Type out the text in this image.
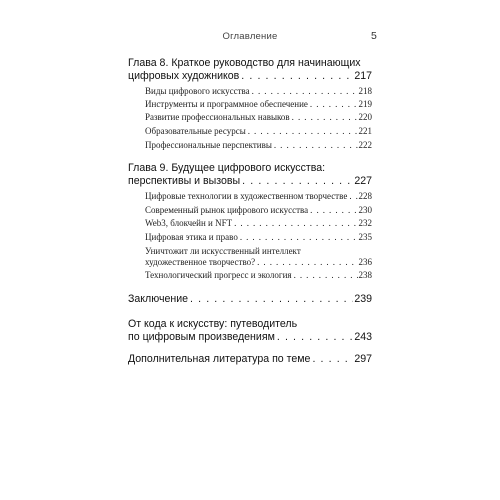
Оглавление	5
Глава 8. Краткое руководство для начинающих
цифровых художников . . .	217
Виды цифрового искусства . . .	218
Инструменты и программное обеспечение . . .	219
Развитие профессиональных навыков . . .	220
Образовательные ресурсы . . .	221
Профессиональные перспективы . . .	222
Глава 9. Будущее цифрового искусства:
перспективы и вызовы . . .	227
Цифровые технологии в художественном творчестве . . . 228
Современный рынок цифрового искусства . . .	230
Web3, блокчейн и NFT . . .	232
Цифровая этика и право . . .	235
Уничтожит ли искусственный интеллект
художественное творчество? . . .	236
Технологический прогресс и экология . . .	238
Заключение . . .	239
От кода к искусству: путеводитель
по цифровым произведениям . . .	243
Дополнительная литература по теме . . .	297
